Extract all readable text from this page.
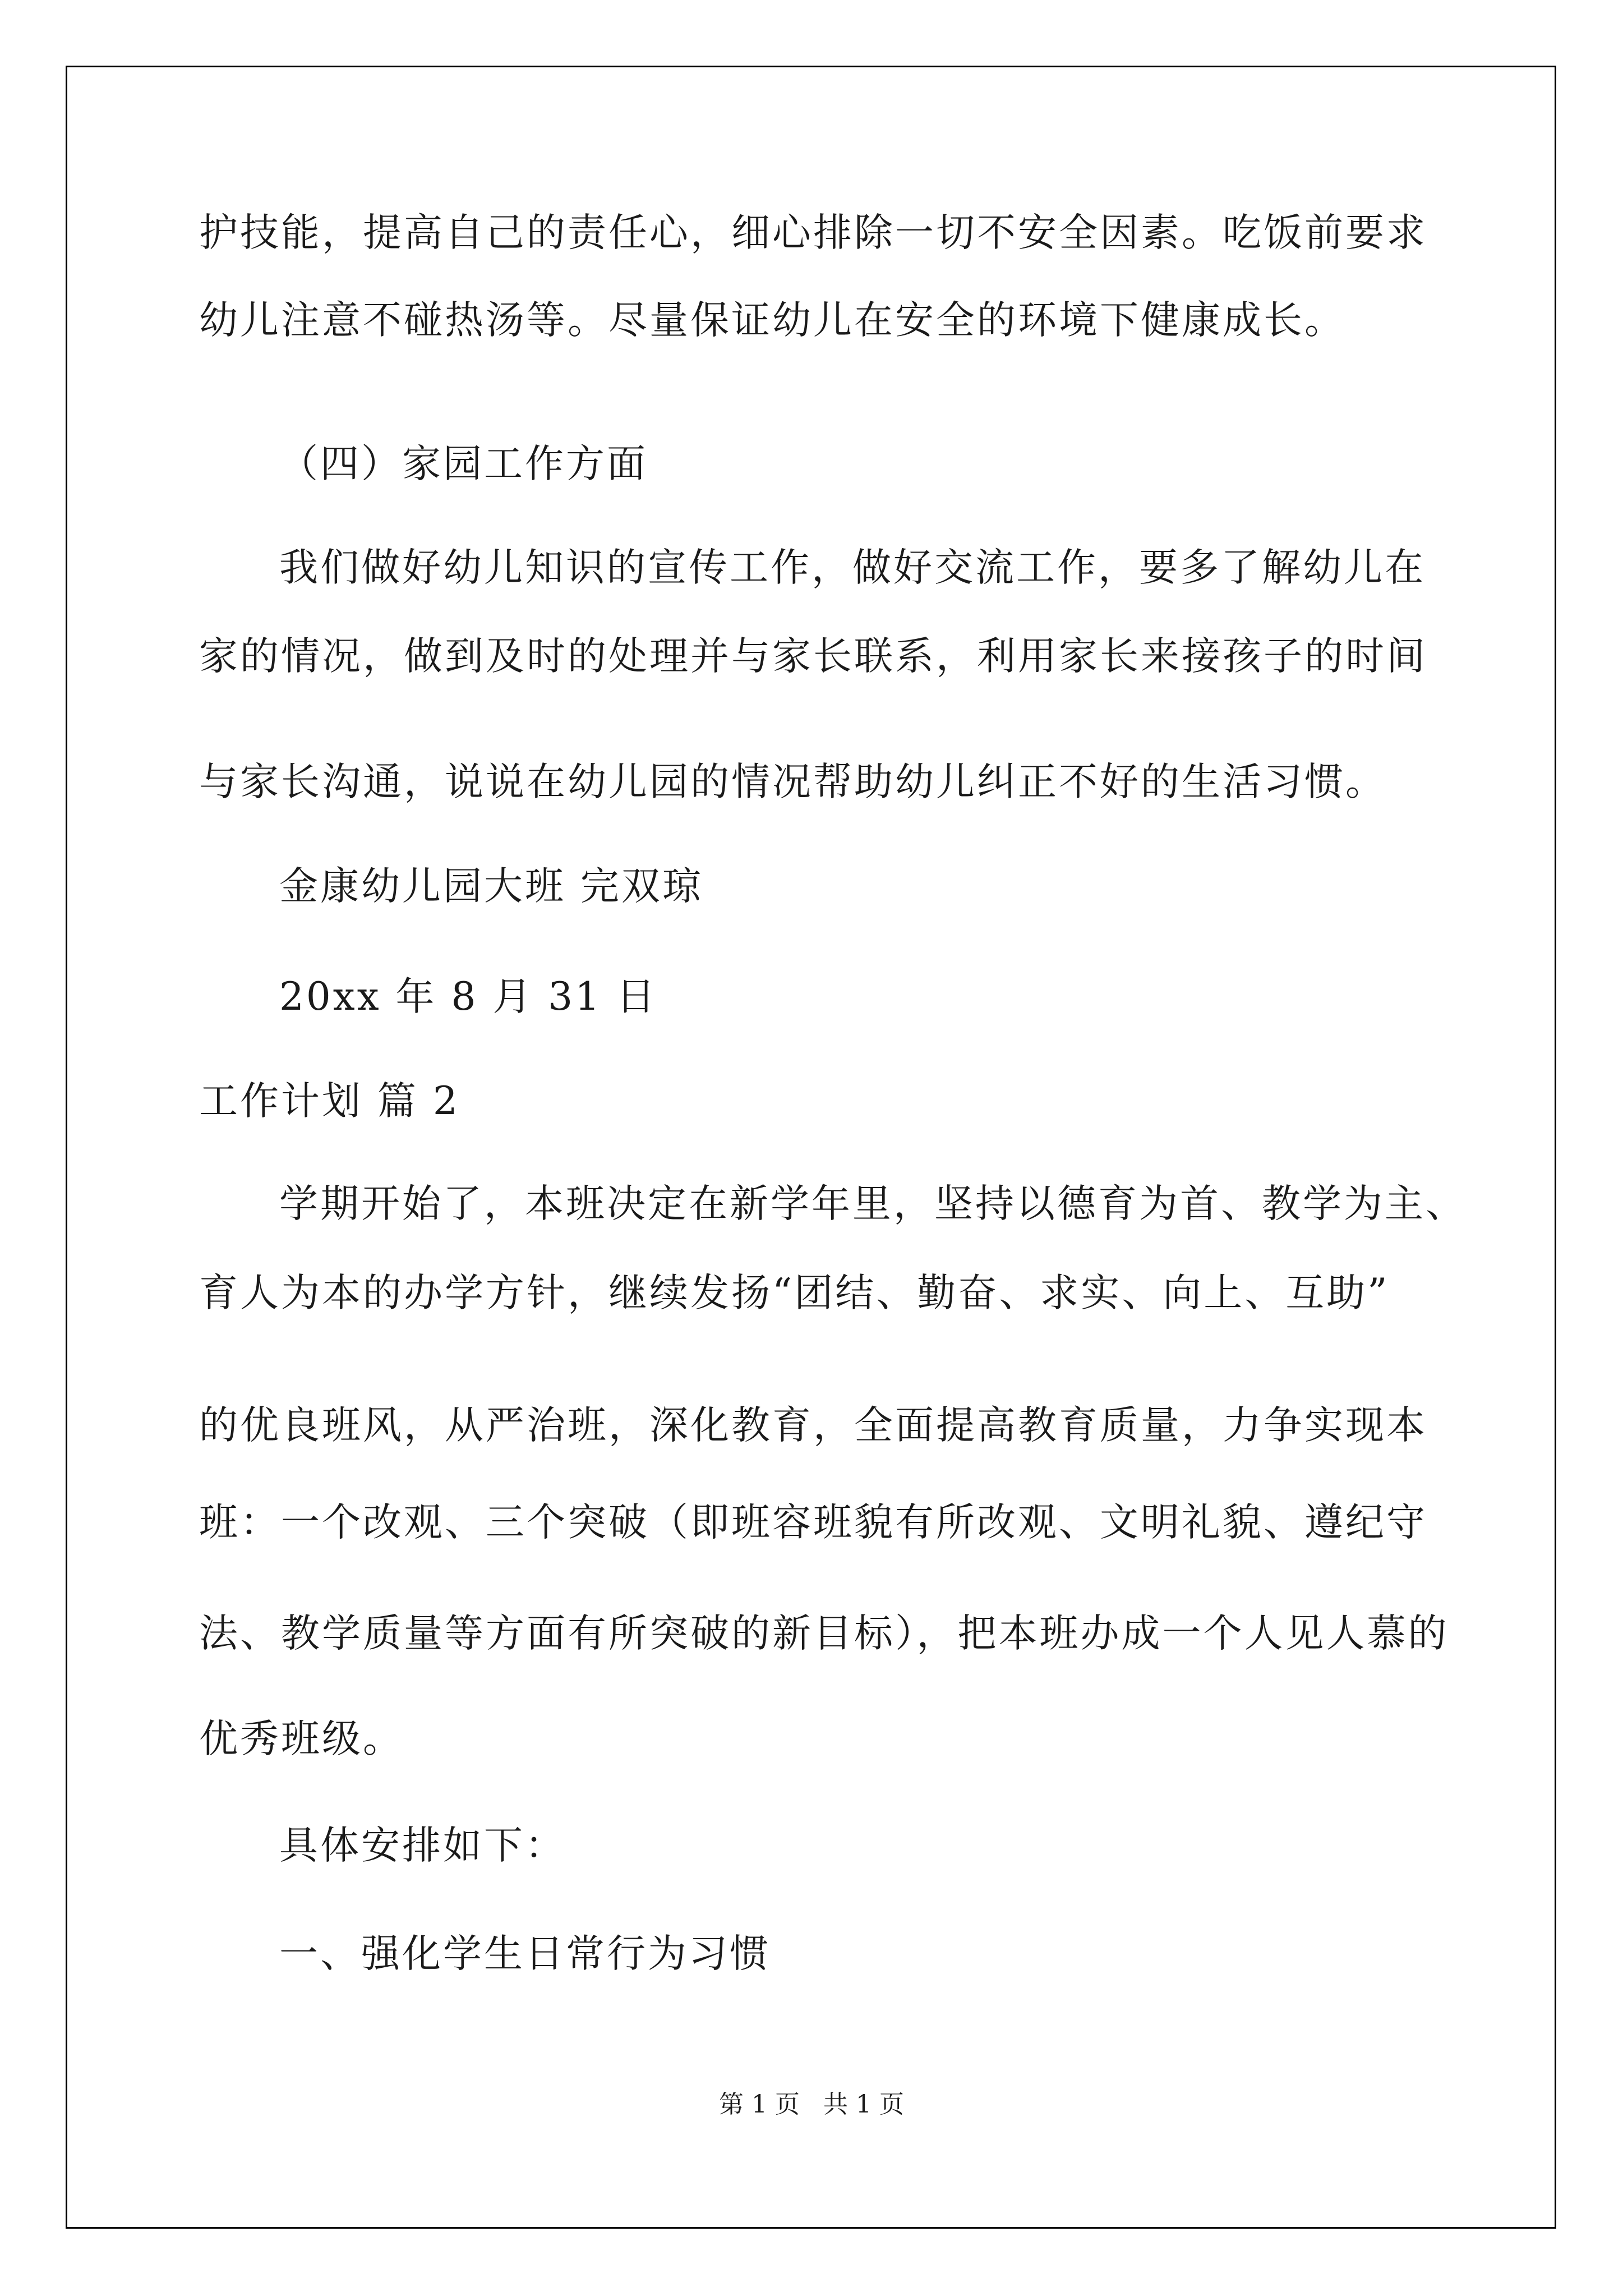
护技能，提高自己的责任心，细心排除一切不安全因素。吃饭前要求

幼儿注意不碰热汤等。尽量保证幼儿在安全的环境下健康成长。

（四）家园工作方面

我们做好幼儿知识的宣传工作，做好交流工作，要多了解幼儿在

家的情况，做到及时的处理并与家长联系，利用家长来接孩子的时间

与家长沟通，说说在幼儿园的情况帮助幼儿纠正不好的生活习惯。

金康幼儿园大班 完双琼

20xx 年 8 月 31 日

工作计划 篇 2

学期开始了，本班决定在新学年里，坚持以德育为首、教学为主、

育人为本的办学方针，继续发扬“团结、勤奋、求实、向上、互助”

的优良班风，从严治班，深化教育，全面提高教育质量，力争实现本

班：一个改观、三个突破（即班容班貌有所改观、文明礼貌、遵纪守

法、教学质量等方面有所突破的新目标），把本班办成一个人见人慕的

优秀班级。

具体安排如下：

一、强化学生日常行为习惯

第 1 页   共 1 页
